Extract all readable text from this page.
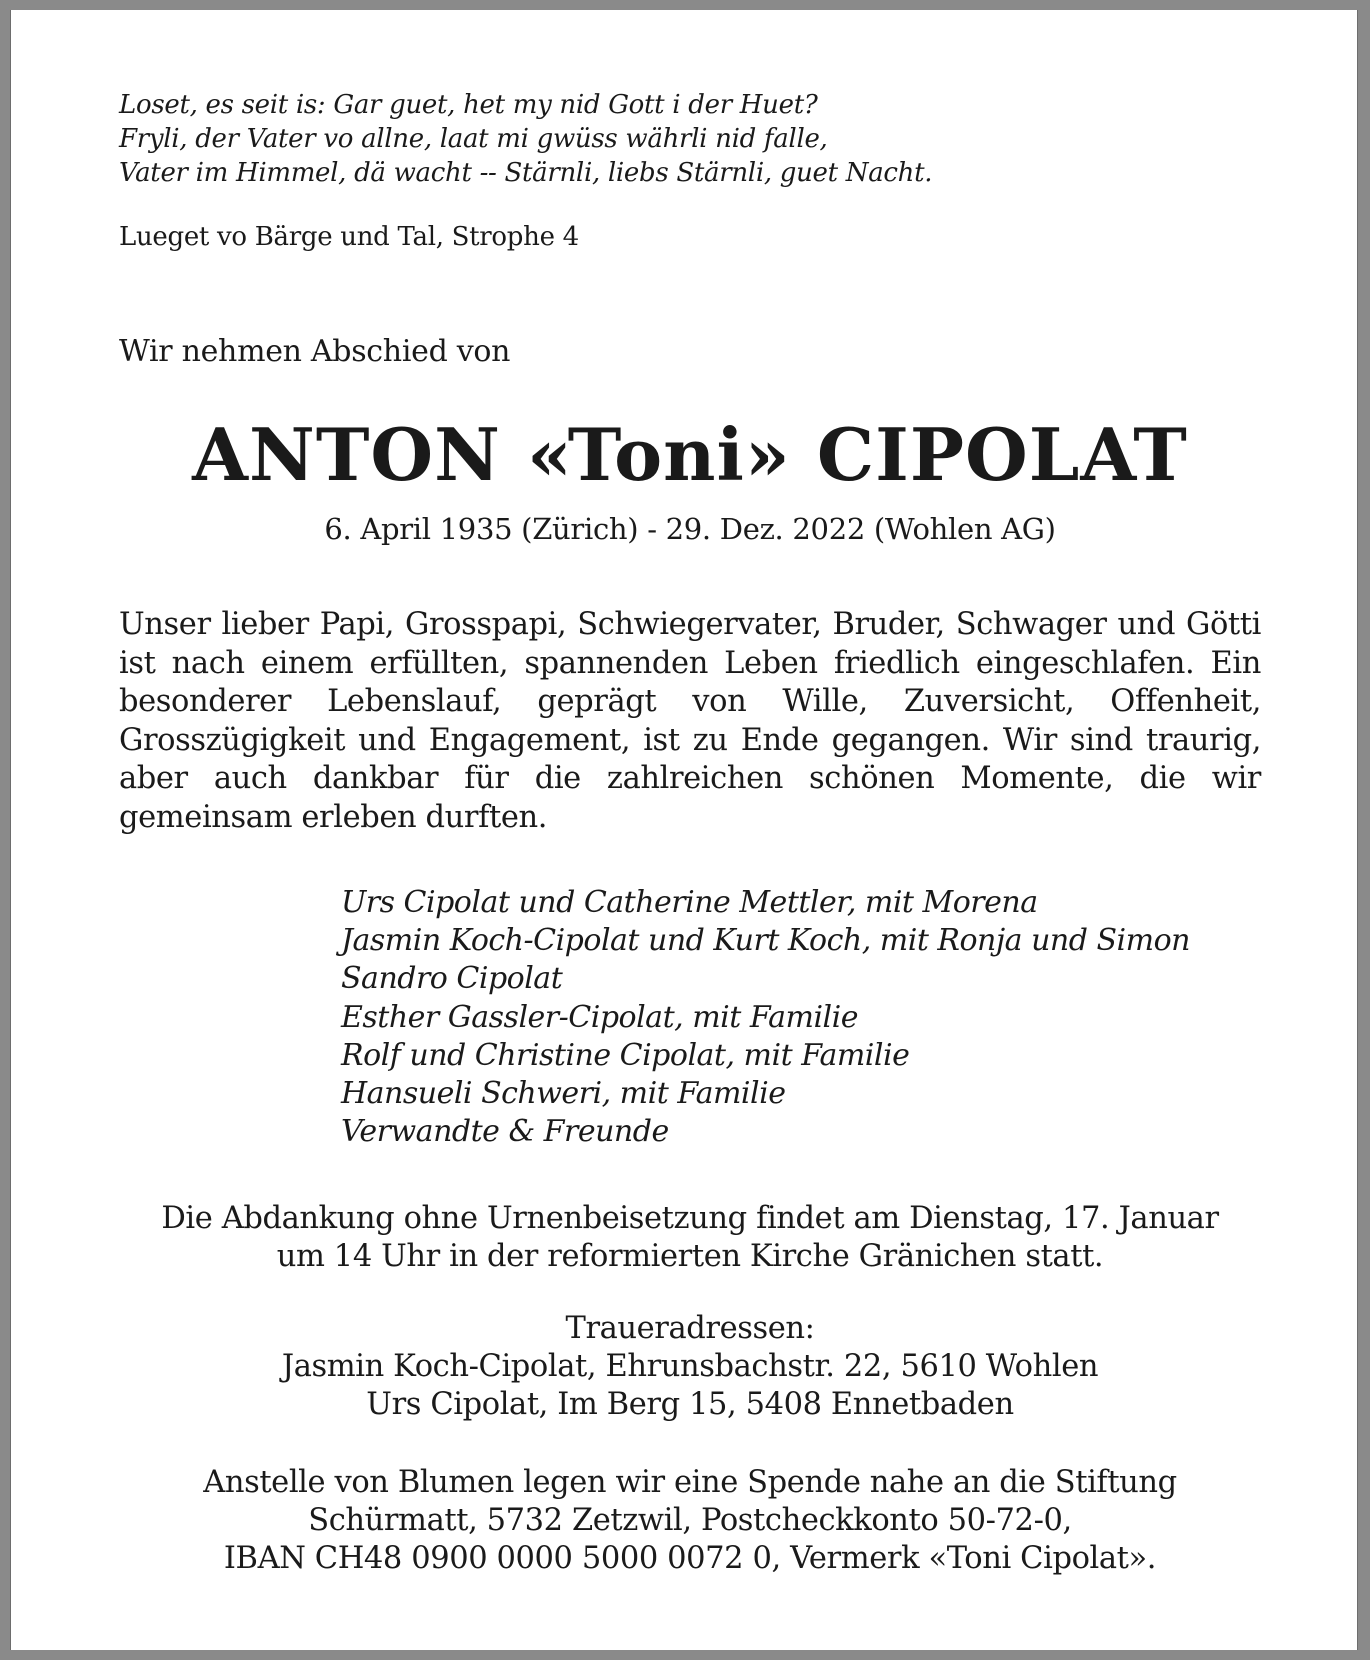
Loset, es seit is: Gar guet, het my nid Gott i der Huet?
Fryli, der Vater vo allne, laat mi gwüss währli nid falle,
Vater im Himmel, dä wacht -- Stärnli, liebs Stärnli, guet Nacht.
Lueget vo Bärge und Tal, Strophe 4
Wir nehmen Abschied von
ANTON «Toni» CIPOLAT
6. April 1935 (Zürich) - 29. Dez. 2022 (Wohlen AG)
Unser lieber Papi, Grosspapi, Schwiegervater, Bruder, Schwager und Götti ist nach einem erfüllten, spannenden Leben friedlich eingeschlafen. Ein besonderer Lebenslauf, geprägt von Wille, Zuversicht, Offenheit, Grosszügigkeit und Engagement, ist zu Ende gegangen. Wir sind traurig, aber auch dankbar für die zahlreichen schönen Momente, die wir gemeinsam erleben durften.
Urs Cipolat und Catherine Mettler, mit Morena
Jasmin Koch-Cipolat und Kurt Koch, mit Ronja und Simon
Sandro Cipolat
Esther Gassler-Cipolat, mit Familie
Rolf und Christine Cipolat, mit Familie
Hansueli Schweri, mit Familie
Verwandte & Freunde
Die Abdankung ohne Urnenbeisetzung findet am Dienstag, 17. Januar
um 14 Uhr in der reformierten Kirche Gränichen statt.
Traueradressen:
Jasmin Koch-Cipolat, Ehrunsbachstr. 22, 5610 Wohlen
Urs Cipolat, Im Berg 15, 5408 Ennetbaden
Anstelle von Blumen legen wir eine Spende nahe an die Stiftung
Schürmatt, 5732 Zetzwil, Postcheckkonto 50-72-0,
IBAN CH48 0900 0000 5000 0072 0, Vermerk «Toni Cipolat».
